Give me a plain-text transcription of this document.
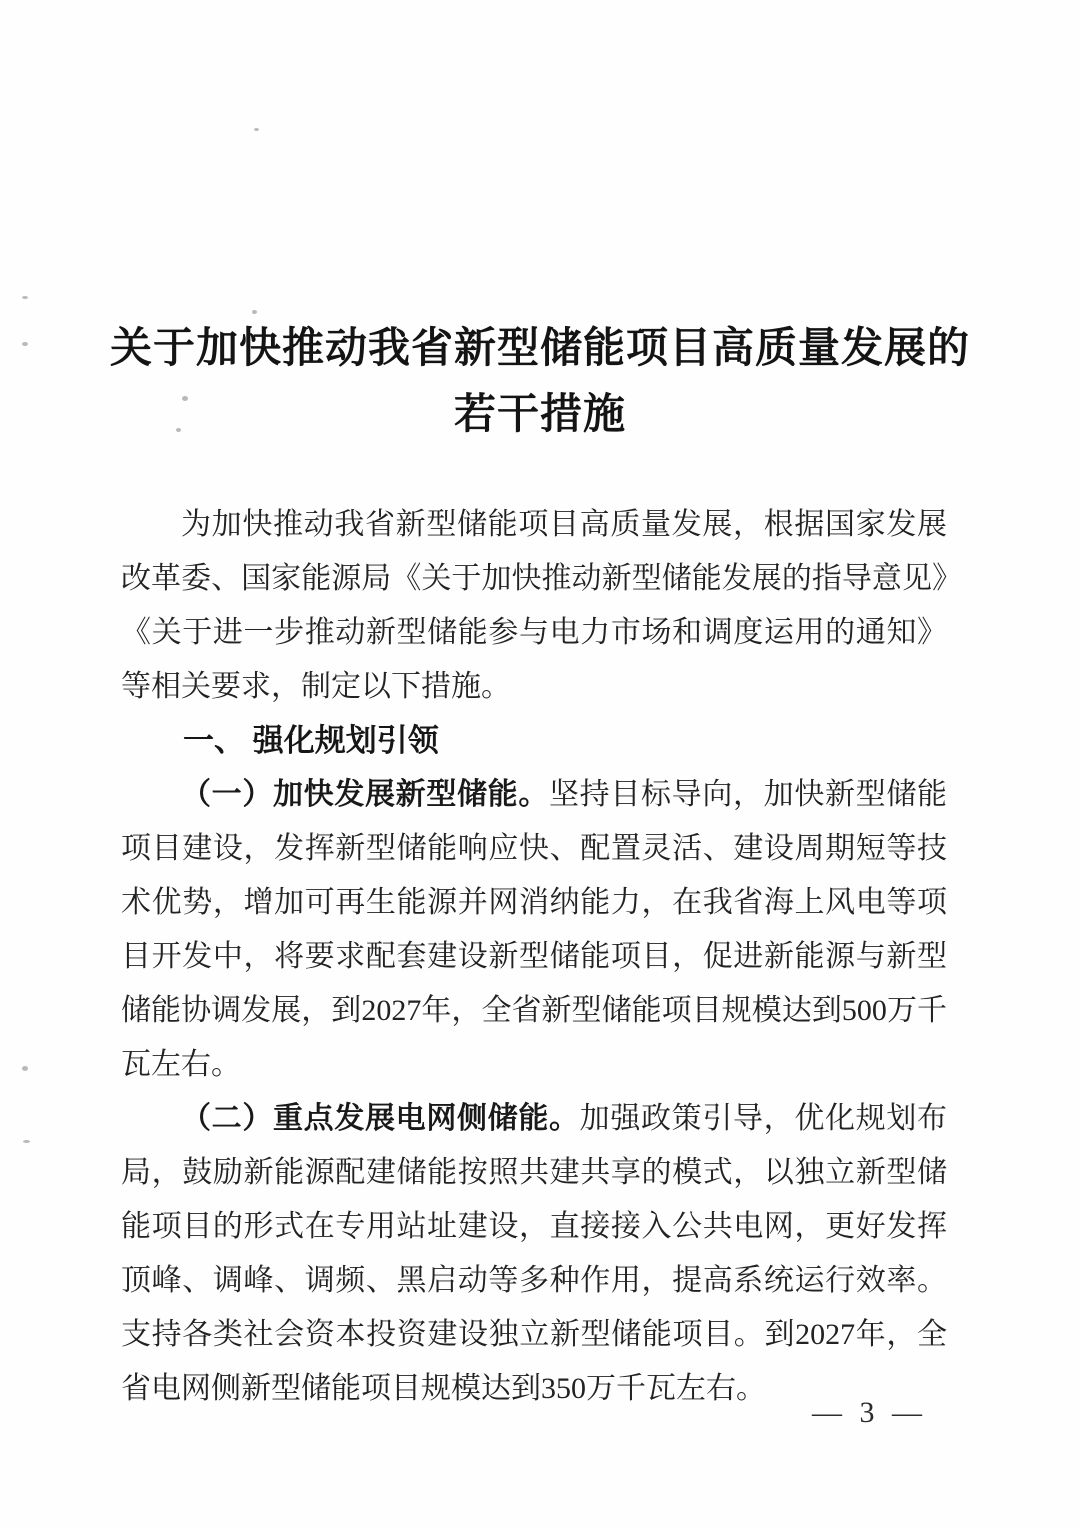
关于加快推动我省新型储能项目高质量发展的
若干措施

为加快推动我省新型储能项目高质量发展，根据国家发展改革委、国家能源局《关于加快推动新型储能发展的指导意见》《关于进一步推动新型储能参与电力市场和调度运用的通知》等相关要求，制定以下措施。

一、 强化规划引领

（一）加快发展新型储能。坚持目标导向，加快新型储能项目建设，发挥新型储能响应快、配置灵活、建设周期短等技术优势，增加可再生能源并网消纳能力，在我省海上风电等项目开发中，将要求配套建设新型储能项目，促进新能源与新型储能协调发展，到2027年，全省新型储能项目规模达到500万千瓦左右。

（二）重点发展电网侧储能。加强政策引导，优化规划布局，鼓励新能源配建储能按照共建共享的模式，以独立新型储能项目的形式在专用站址建设，直接接入公共电网，更好发挥顶峰、调峰、调频、黑启动等多种作用，提高系统运行效率。支持各类社会资本投资建设独立新型储能项目。到2027年，全省电网侧新型储能项目规模达到350万千瓦左右。

— 3 —
